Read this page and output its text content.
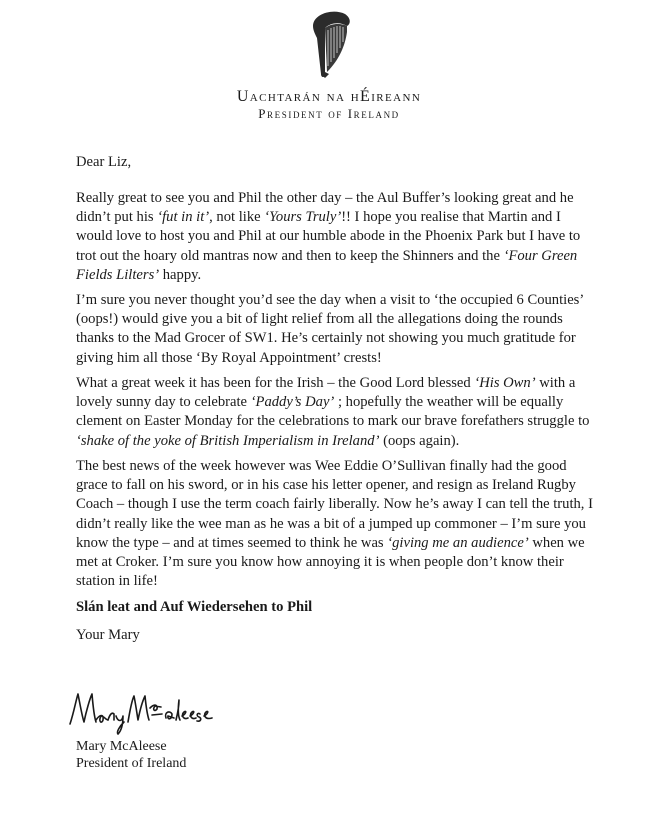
Uachtarán na hÉireann
President of Ireland

Dear Liz,

Really great to see you and Phil the other day – the Aul Buffer’s looking great and he didn’t put his ‘fut in it’, not like ‘Yours Truly’!! I hope you realise that Martin and I would love to host you and Phil at our humble abode in the Phoenix Park but I have to trot out the hoary old mantras now and then to keep the Shinners and the ‘Four Green Fields Lilters’ happy.

I’m sure you never thought you’d see the day when a visit to ‘the occupied 6 Counties’ (oops!) would give you a bit of light relief from all the allegations doing the rounds thanks to the Mad Grocer of SW1. He’s certainly not showing you much gratitude for giving him all those ‘By Royal Appointment’ crests!

What a great week it has been for the Irish – the Good Lord blessed ‘His Own’ with a lovely sunny day to celebrate ‘Paddy’s Day’ ; hopefully the weather will be equally clement on Easter Monday for the celebrations to mark our brave forefathers struggle to ‘shake of the yoke of British Imperialism in Ireland’ (oops again).

The best news of the week however was Wee Eddie O’Sullivan finally had the good grace to fall on his sword, or in his case his letter opener, and resign as Ireland Rugby Coach – though I use the term coach fairly liberally. Now he’s away I can tell the truth, I didn’t really like the wee man as he was a bit of a jumped up commoner – I’m sure you know the type – and at times seemed to think he was ‘giving me an audience’ when we met at Croker. I’m sure you know how annoying it is when people don’t know their station in life!

Slán leat and Auf Wiedersehen to Phil

Your Mary

Mary McAleese

President of Ireland
